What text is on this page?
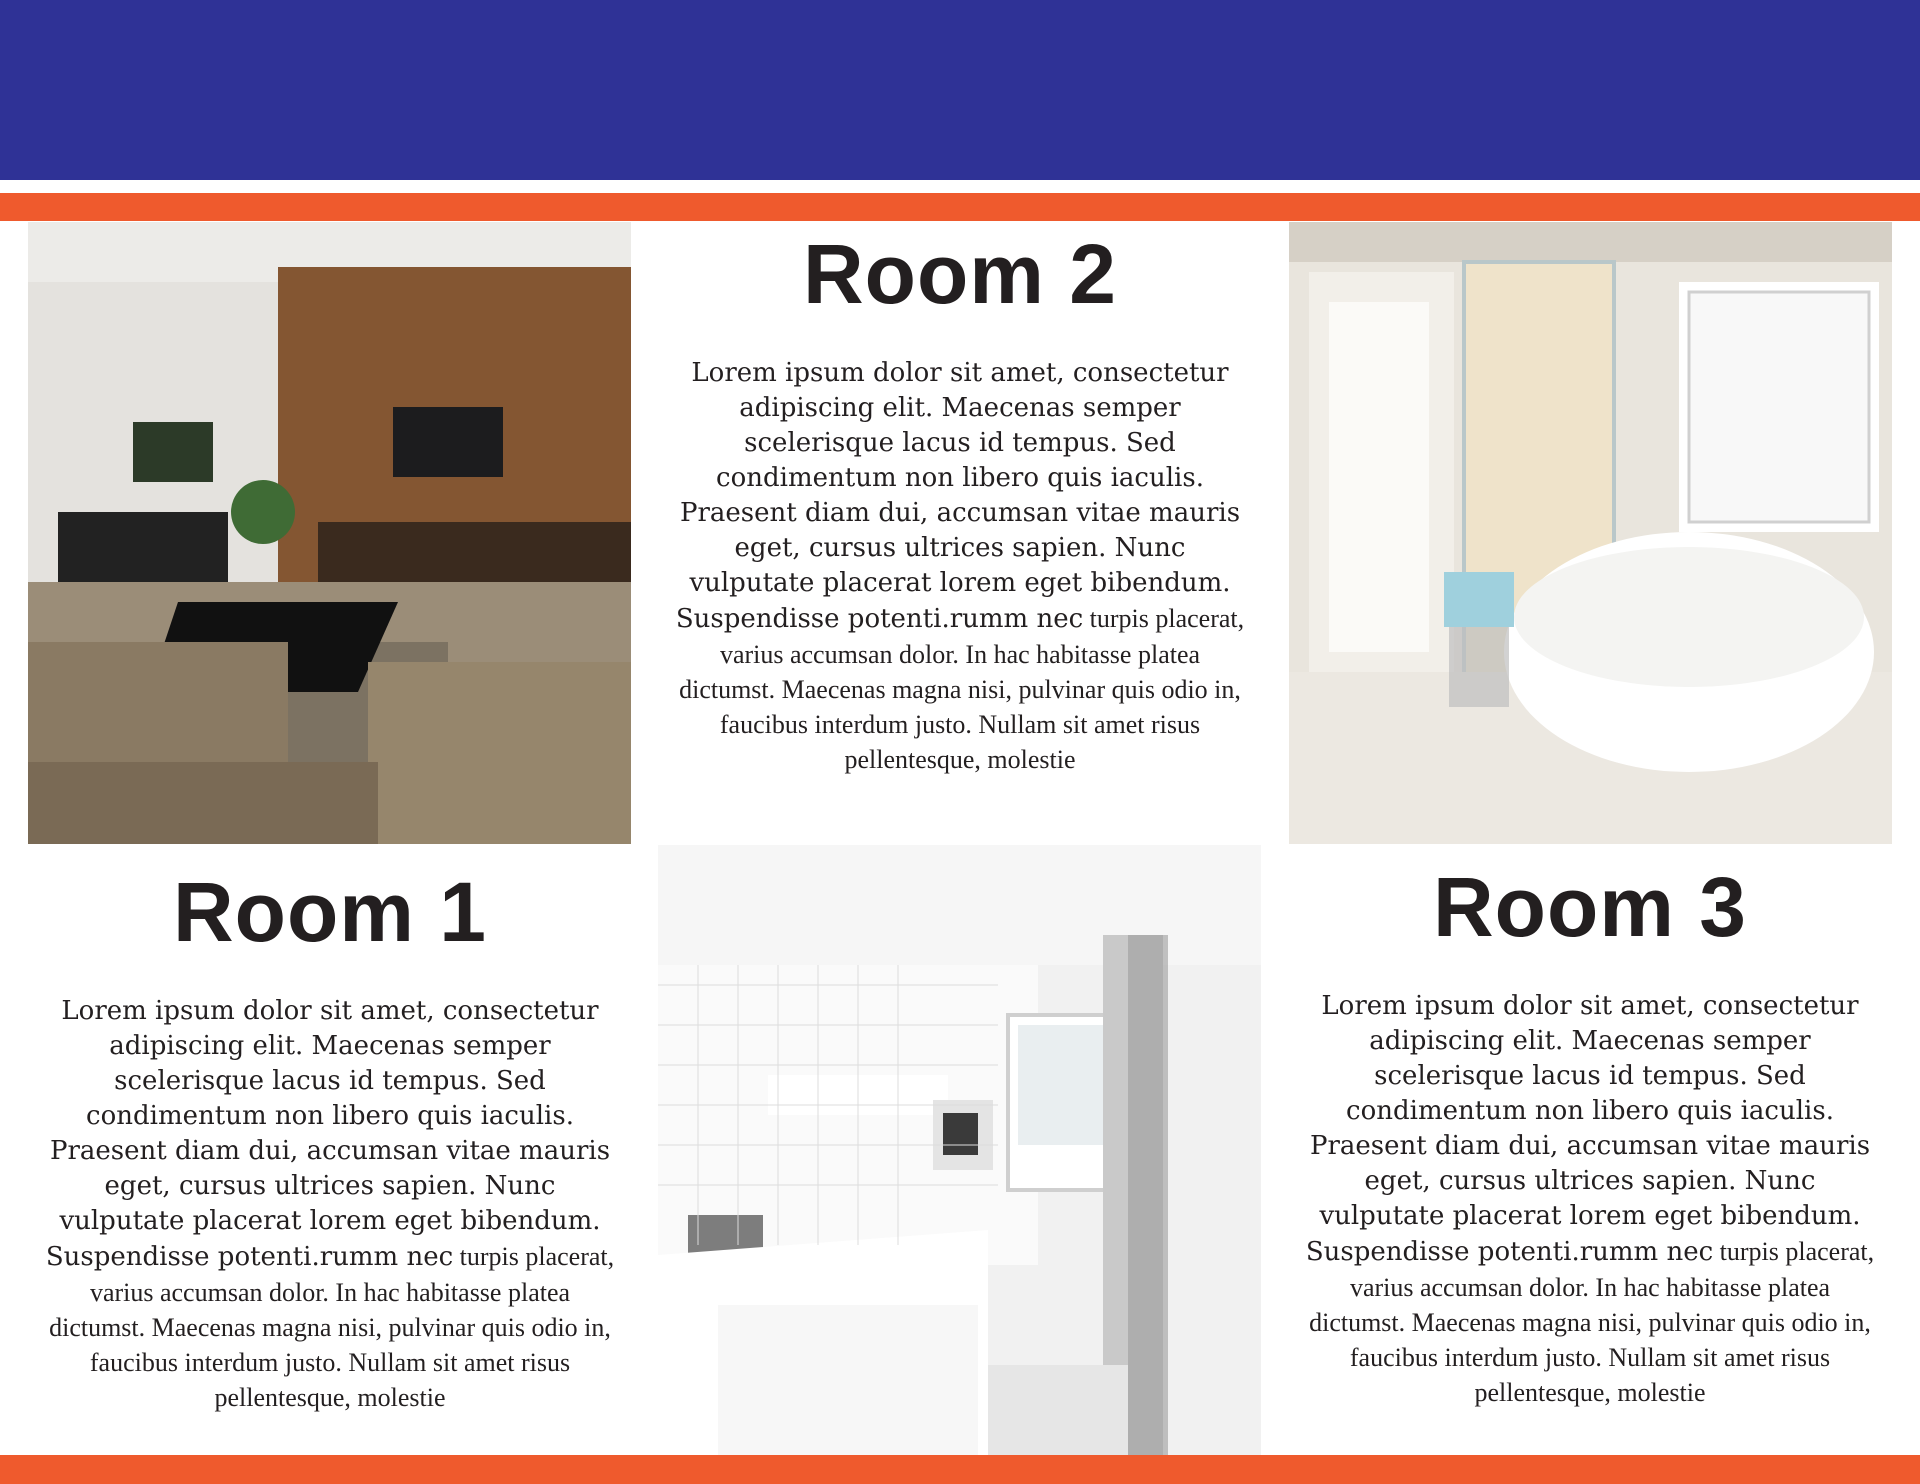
Room 2

Lorem ipsum dolor sit amet, consectetur adipiscing elit. Maecenas semper scelerisque lacus id tempus. Sed condimentum non libero quis iaculis. Praesent diam dui, accumsan vitae mauris eget, cursus ultrices sapien. Nunc vulputate placerat lorem eget bibendum. Suspendisse potenti.rumm nec turpis placerat, varius accumsan dolor. In hac habitasse platea dictumst. Maecenas magna nisi, pulvinar quis odio in, faucibus interdum justo. Nullam sit amet risus pellentesque, molestie

Room 1

Lorem ipsum dolor sit amet, consectetur adipiscing elit. Maecenas semper scelerisque lacus id tempus. Sed condimentum non libero quis iaculis. Praesent diam dui, accumsan vitae mauris eget, cursus ultrices sapien. Nunc vulputate placerat lorem eget bibendum. Suspendisse potenti.rumm nec turpis placerat, varius accumsan dolor. In hac habitasse platea dictumst. Maecenas magna nisi, pulvinar quis odio in, faucibus interdum justo. Nullam sit amet risus pellentesque, molestie

Room 3

Lorem ipsum dolor sit amet, consectetur adipiscing elit. Maecenas semper scelerisque lacus id tempus. Sed condimentum non libero quis iaculis. Praesent diam dui, accumsan vitae mauris eget, cursus ultrices sapien. Nunc vulputate placerat lorem eget bibendum. Suspendisse potenti.rumm nec turpis placerat, varius accumsan dolor. In hac habitasse platea dictumst. Maecenas magna nisi, pulvinar quis odio in, faucibus interdum justo. Nullam sit amet risus pellentesque, molestie
